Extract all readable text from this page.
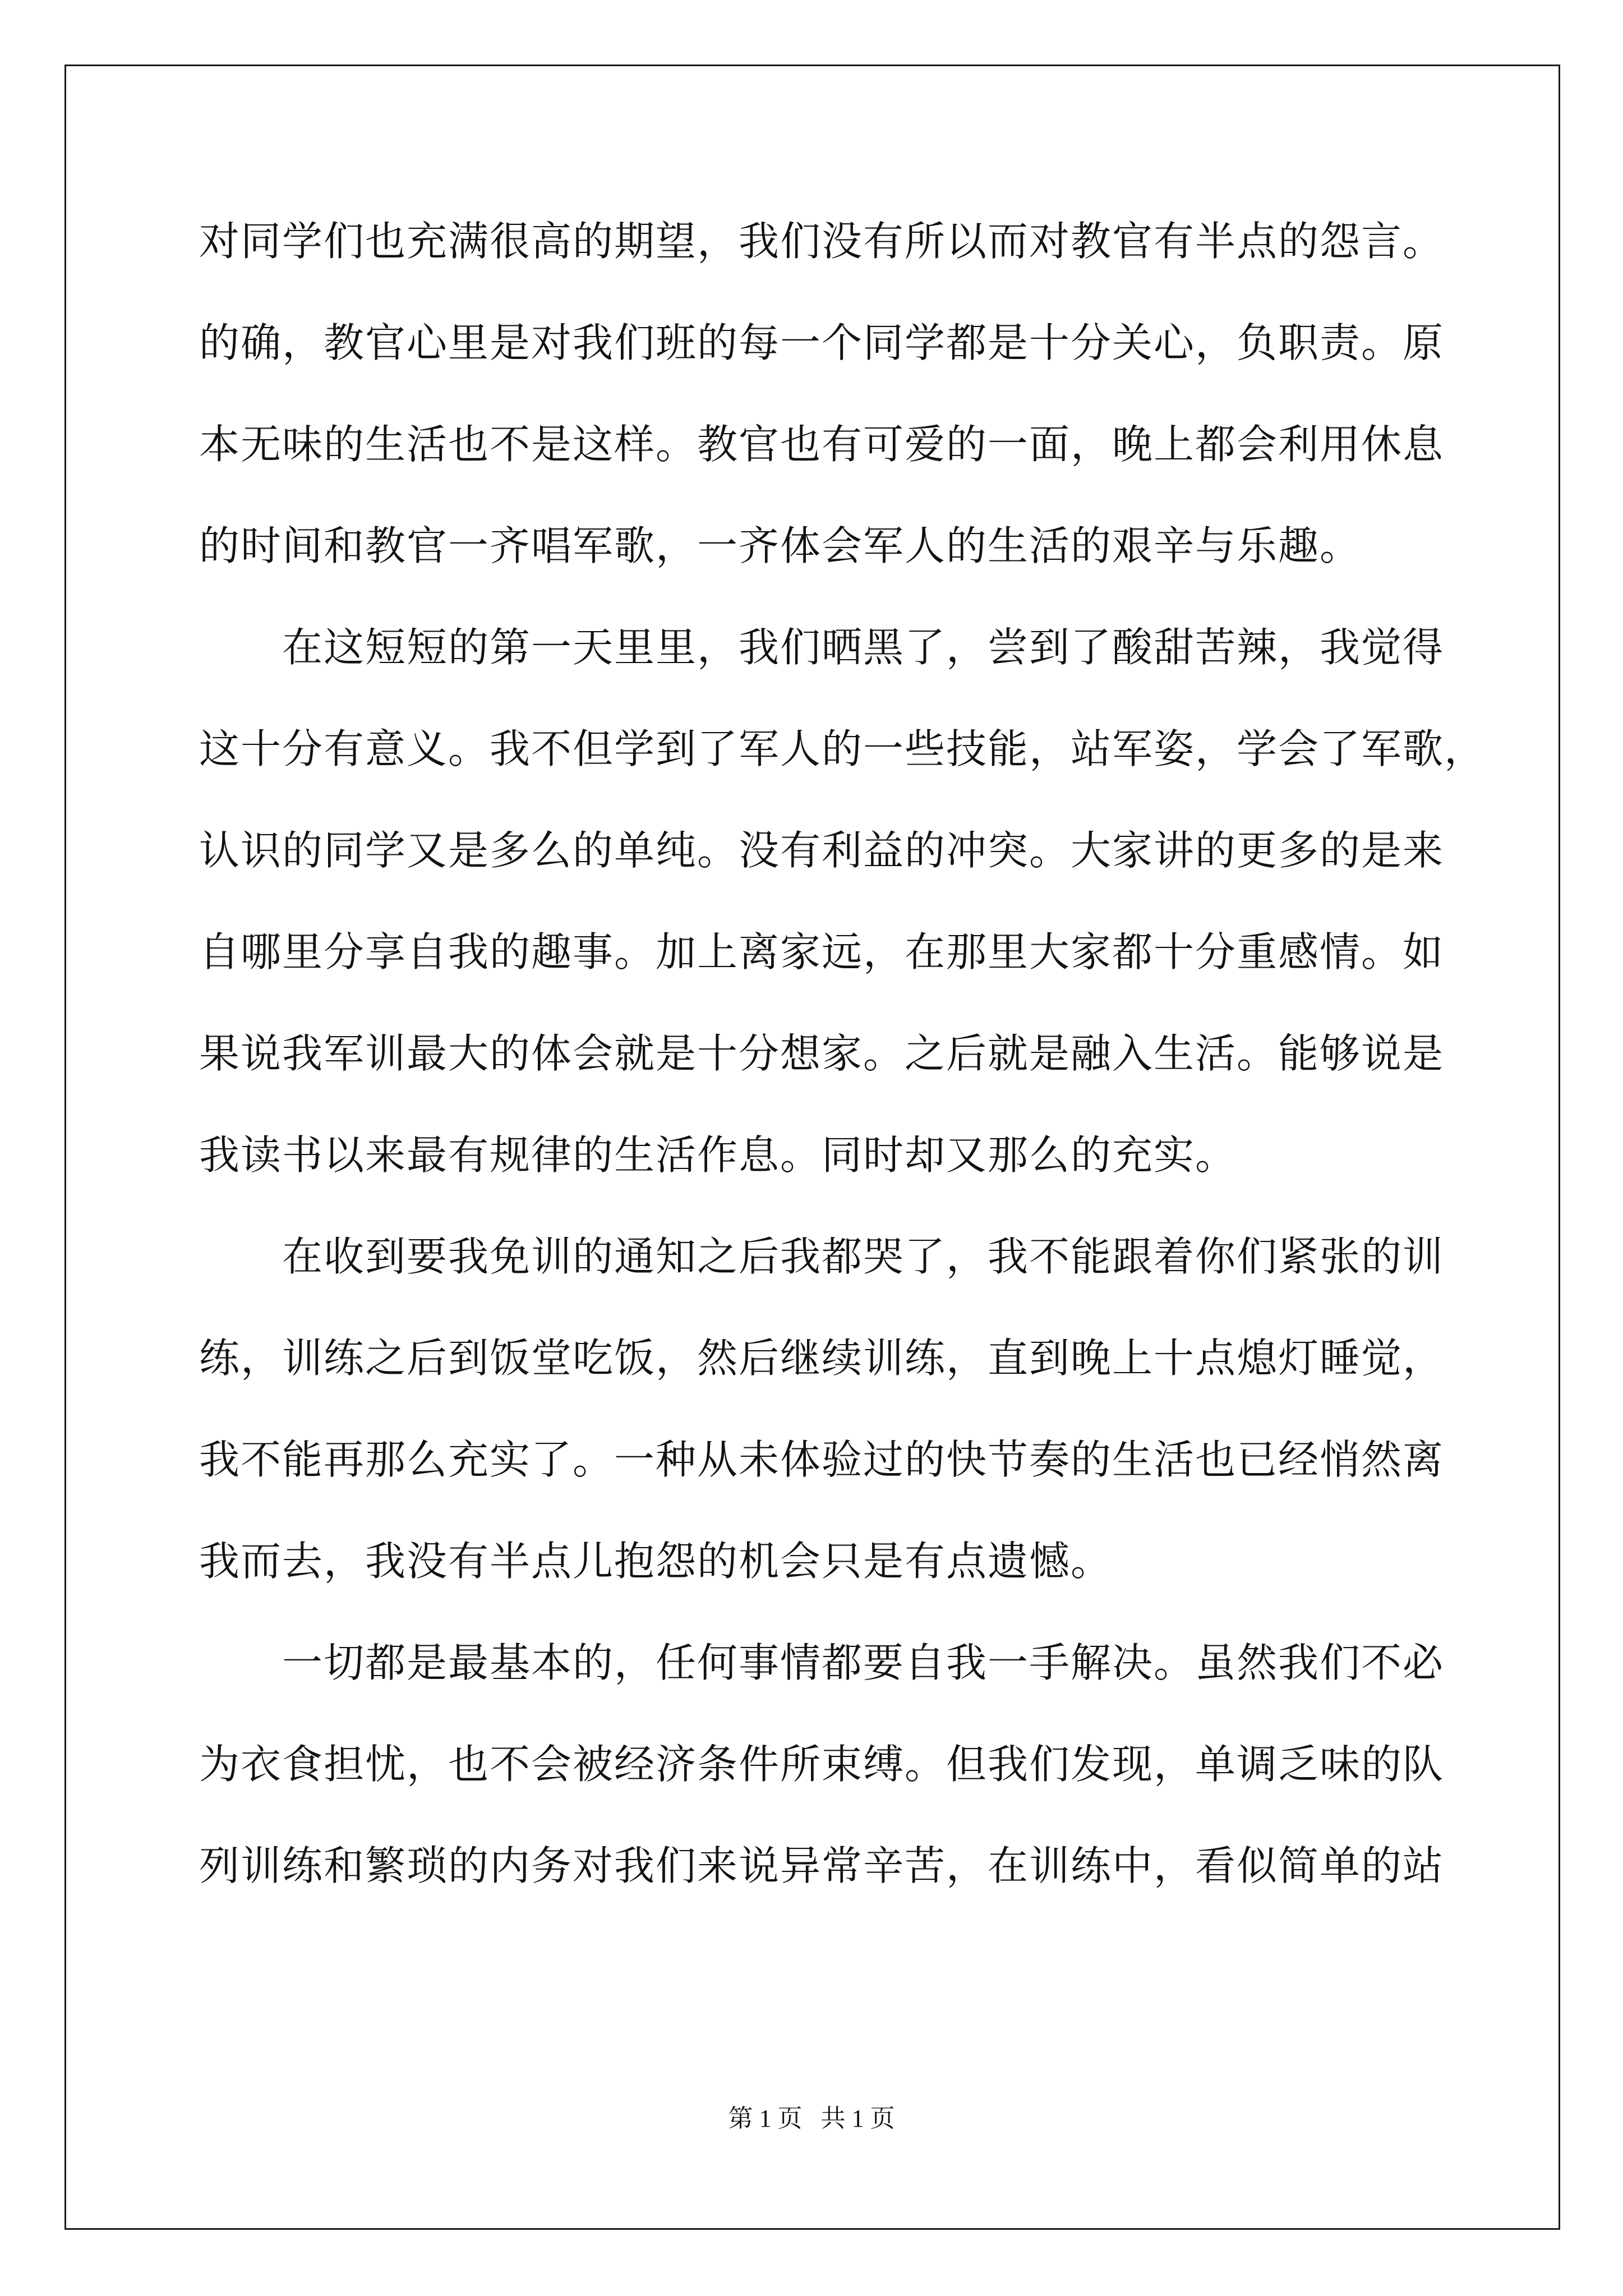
对同学们也充满很高的期望，我们没有所以而对教官有半点的怨言。
的确，教官心里是对我们班的每一个同学都是十分关心，负职责。原
本无味的生活也不是这样。教官也有可爱的一面，晚上都会利用休息
的时间和教官一齐唱军歌，一齐体会军人的生活的艰辛与乐趣。
在这短短的第一天里里，我们晒黑了，尝到了酸甜苦辣，我觉得
这十分有意义。我不但学到了军人的一些技能，站军姿，学会了军歌，
认识的同学又是多么的单纯。没有利益的冲突。大家讲的更多的是来
自哪里分享自我的趣事。加上离家远，在那里大家都十分重感情。如
果说我军训最大的体会就是十分想家。之后就是融入生活。能够说是
我读书以来最有规律的生活作息。同时却又那么的充实。
在收到要我免训的通知之后我都哭了，我不能跟着你们紧张的训
练，训练之后到饭堂吃饭，然后继续训练，直到晚上十点熄灯睡觉，
我不能再那么充实了。一种从未体验过的快节奏的生活也已经悄然离
我而去，我没有半点儿抱怨的机会只是有点遗憾。
一切都是最基本的，任何事情都要自我一手解决。虽然我们不必
为衣食担忧，也不会被经济条件所束缚。但我们发现，单调乏味的队
列训练和繁琐的内务对我们来说异常辛苦，在训练中，看似简单的站
第 1 页   共 1 页
